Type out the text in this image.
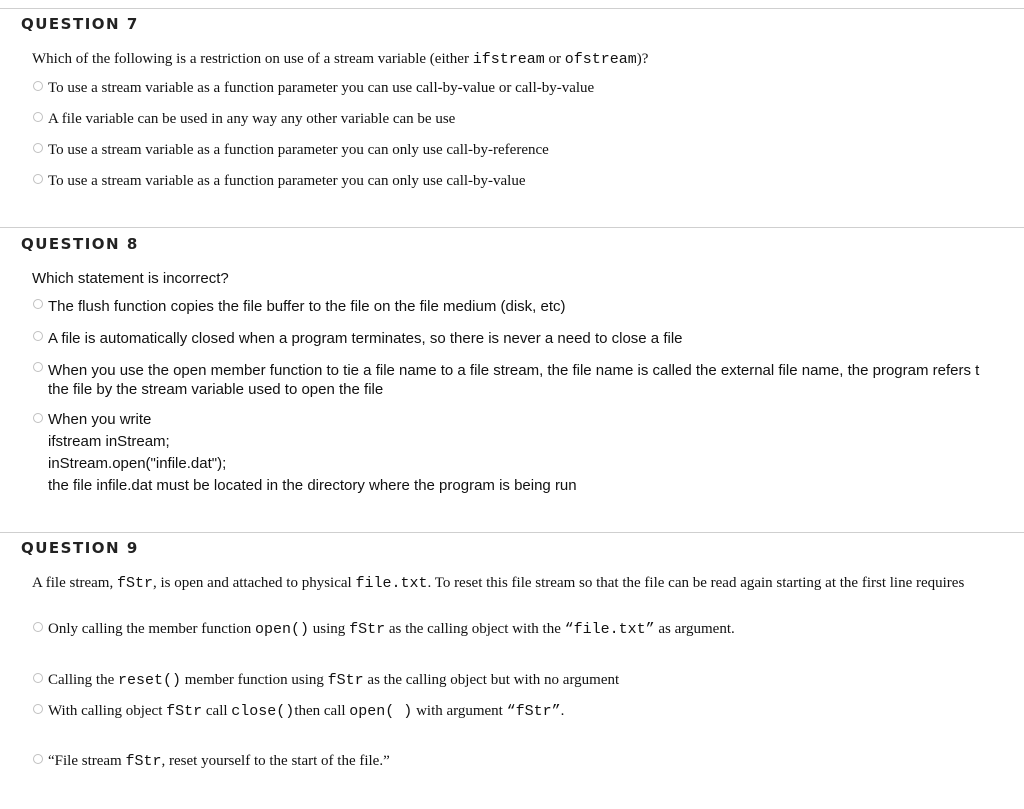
QUESTION 7
Which of the following is a restriction on use of a stream variable (either ifstream or ofstream)?
To use a stream variable as a function parameter you can use call-by-value or call-by-value
A file variable can be used in any way any other variable can be use
To use a stream variable as a function parameter you can only use call-by-reference
To use a stream variable as a function parameter you can only use call-by-value
QUESTION 8
Which statement is incorrect?
The flush function copies the file buffer to the file on the file medium (disk, etc)
A file is automatically closed when a program terminates, so there is never a need to close a file
When you use the open member function to tie a file name to a file stream, the file name is called the external file name, the program refers t
the file by the stream variable used to open the file
When you write
ifstream inStream;
inStream.open("infile.dat");
the file infile.dat must be located in the directory where the program is being run
QUESTION 9
A file stream, fStr, is open and attached to physical file.txt. To reset this file stream so that the file can be read again starting at the first line requires
Only calling the member function open() using fStr as the calling object with the “file.txt” as argument.
Calling the reset() member function using fStr as the calling object but with no argument
With calling object fStr call close()then call open( ) with argument “fStr”.
“File stream fStr, reset yourself to the start of the file.”
